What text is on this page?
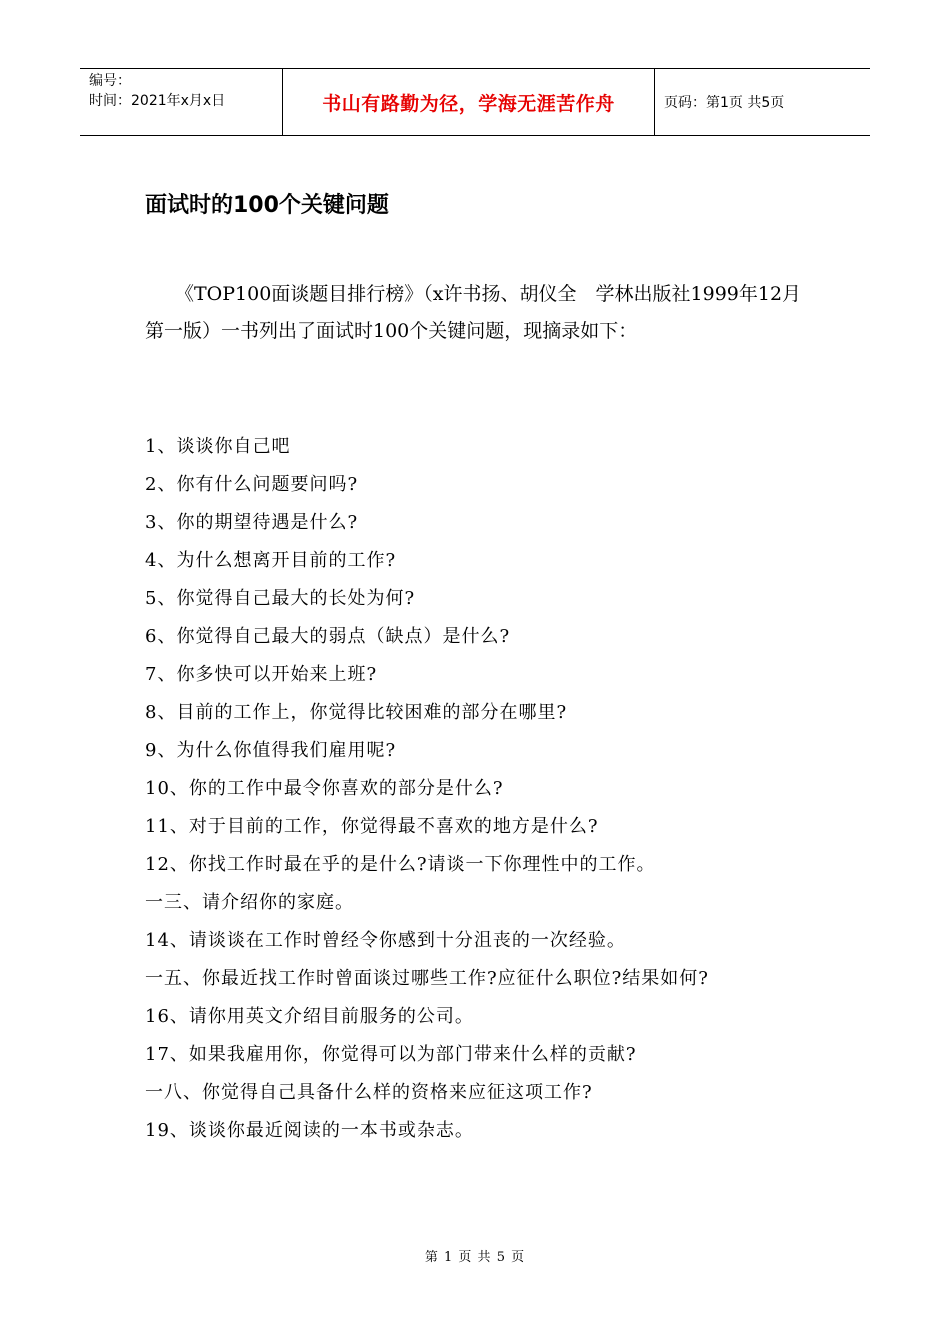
编号：
时间：2021年x月x日	书山有路勤为径，学海无涯苦作舟	页码：第1页 共5页
面试时的100个关键问题
《TOP100面谈题目排行榜》（x许书扬、胡仪全　学林出版社1999年12月第一版）一书列出了面试时100个关键问题，现摘录如下：
1、谈谈你自己吧
2、你有什么问题要问吗?
3、你的期望待遇是什么?
4、为什么想离开目前的工作?
5、你觉得自己最大的长处为何?
6、你觉得自己最大的弱点（缺点）是什么?
7、你多快可以开始来上班?
8、目前的工作上，你觉得比较困难的部分在哪里?
9、为什么你值得我们雇用呢?
10、你的工作中最令你喜欢的部分是什么?
11、对于目前的工作，你觉得最不喜欢的地方是什么?
12、你找工作时最在乎的是什么?请谈一下你理性中的工作。
一三、请介绍你的家庭。
14、请谈谈在工作时曾经令你感到十分沮丧的一次经验。
一五、你最近找工作时曾面谈过哪些工作?应征什么职位?结果如何?
16、请你用英文介绍目前服务的公司。
17、如果我雇用你，你觉得可以为部门带来什么样的贡献?
一八、你觉得自己具备什么样的资格来应征这项工作?
19、谈谈你最近阅读的一本书或杂志。
第 1 页 共 5 页
